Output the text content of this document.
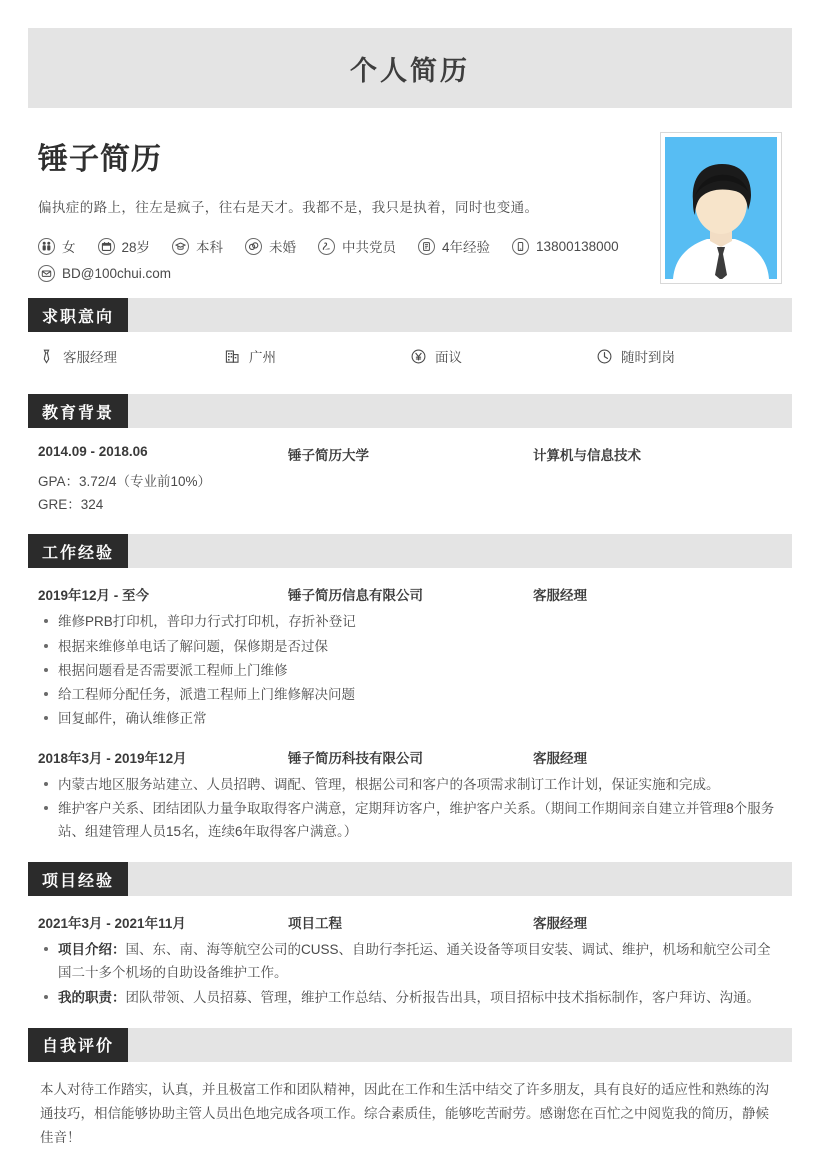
个人简历
锤子简历
偏执症的路上，往左是疯子，往右是天才。我都不是，我只是执着，同时也变通。
女	28岁	本科	未婚	中共党员	4年经验	13800138000
BD@100chui.com
求职意向
客服经理	广州	面议	随时到岗
教育背景
2014.09 - 2018.06	锤子简历大学	计算机与信息技术
GPA：3.72/4（专业前10%）
GRE：324
工作经验
2019年12月 - 至今	锤子简历信息有限公司	客服经理
维修PRB打印机，普印力行式打印机，存折补登记
根据来维修单电话了解问题，保修期是否过保
根据问题看是否需要派工程师上门维修
给工程师分配任务，派遣工程师上门维修解决问题
回复邮件，确认维修正常
2018年3月 - 2019年12月	锤子简历科技有限公司	客服经理
内蒙古地区服务站建立、人员招聘、调配、管理，根据公司和客户的各项需求制订工作计划，保证实施和完成。
维护客户关系、团结团队力量争取取得客户满意，定期拜访客户，维护客户关系。（期间工作期间亲自建立并管理8个服务站、组建管理人员15名，连续6年取得客户满意。）
项目经验
2021年3月 - 2021年11月	项目工程	客服经理
项目介绍：国、东、南、海等航空公司的CUSS、自助行李托运、通关设备等项目安装、调试、维护，机场和航空公司全国二十多个机场的自助设备维护工作。
我的职责：团队带领、人员招募、管理，维护工作总结、分析报告出具，项目招标中技术指标制作，客户拜访、沟通。
自我评价
本人对待工作踏实，认真，并且极富工作和团队精神，因此在工作和生活中结交了许多朋友，具有良好的适应性和熟练的沟通技巧，相信能够协助主管人员出色地完成各项工作。综合素质佳，能够吃苦耐劳。感谢您在百忙之中阅览我的简历，静候佳音！
